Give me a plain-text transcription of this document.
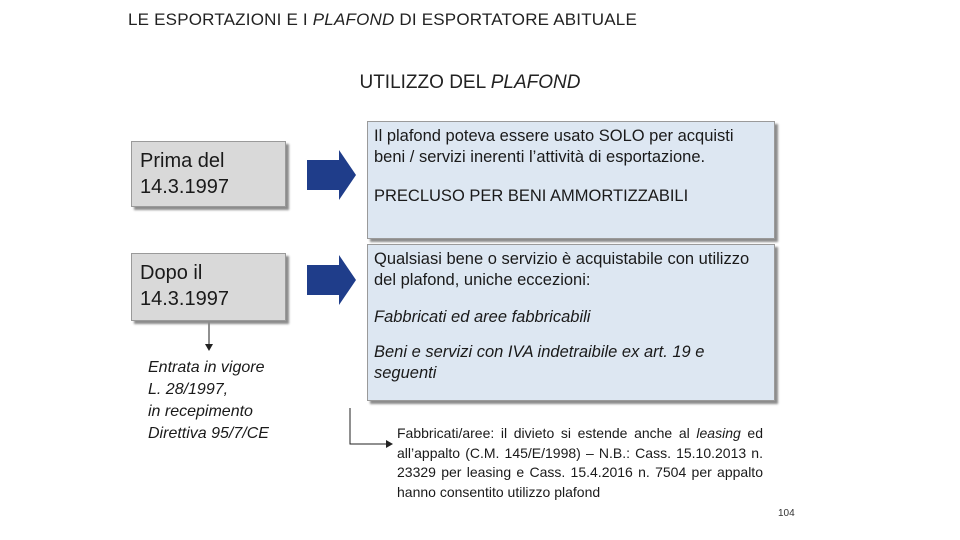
LE ESPORTAZIONI E I PLAFOND DI ESPORTATORE ABITUALE
UTILIZZO DEL PLAFOND
Prima del
14.3.1997
Il plafond poteva essere usato SOLO per acquisti beni / servizi inerenti l’attività di esportazione.
PRECLUSO PER BENI AMMORTIZZABILI
Dopo il
14.3.1997
Qualsiasi bene o servizio è acquistabile con utilizzo del plafond, uniche eccezioni:
Fabbricati ed aree fabbricabili
Beni e servizi con IVA indetraibile ex art. 19 e seguenti
Entrata in vigore
L. 28/1997,
in recepimento
Direttiva 95/7/CE	Fabbricati/aree: il divieto si estende anche al leasing ed all’appalto (C.M. 145/E/1998) – N.B.: Cass. 15.10.2013 n. 23329 per leasing e Cass. 15.4.2016 n. 7504 per appalto hanno consentito utilizzo plafond
104
